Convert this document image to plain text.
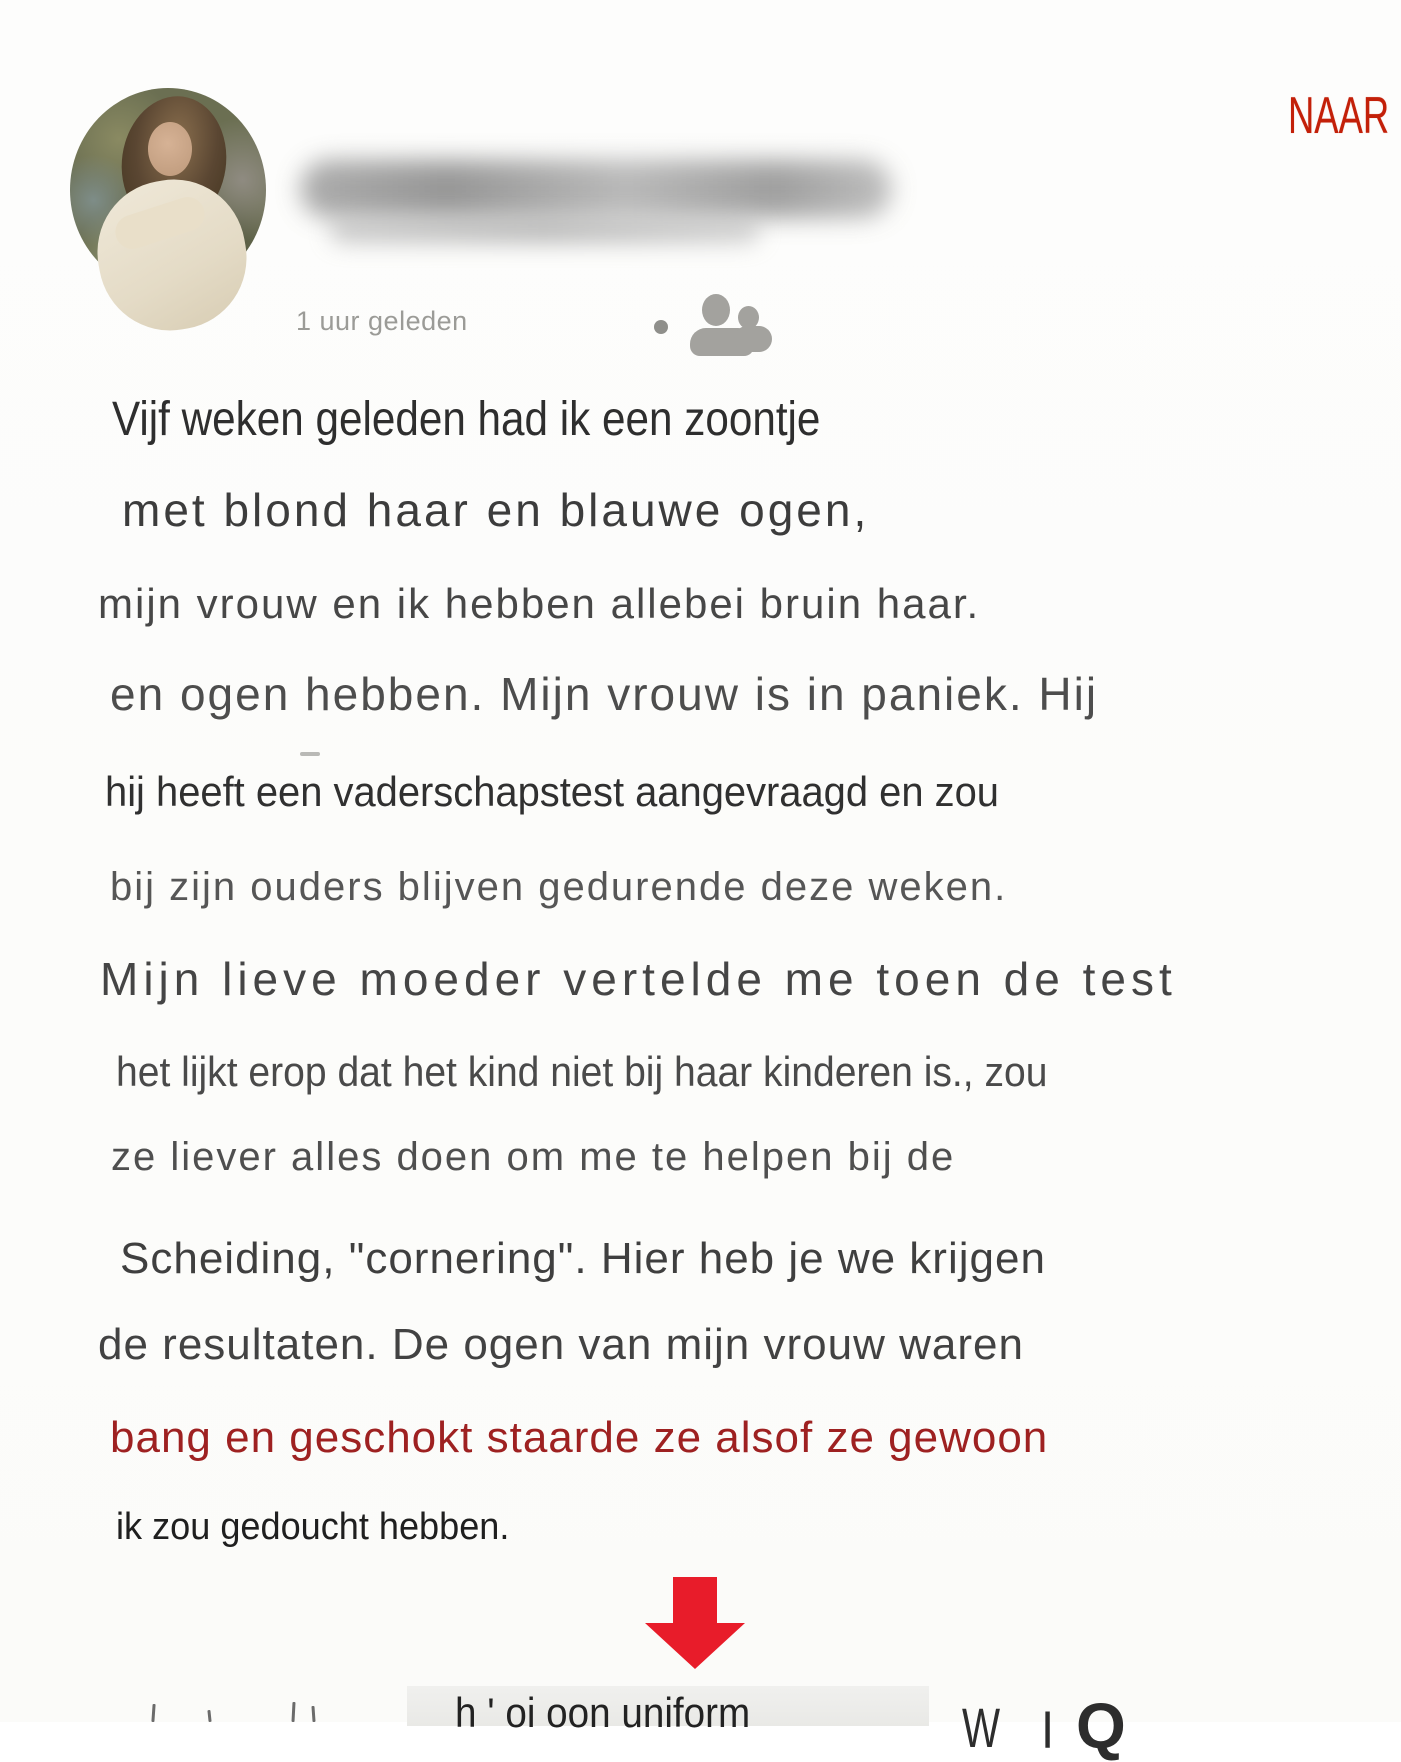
NAAR
1 uur geleden
Vijf weken geleden had ik een zoontje
met blond haar en blauwe ogen,
mijn vrouw en ik hebben allebei bruin haar.
en ogen hebben. Mijn vrouw is in paniek. Hij
hij heeft een vaderschapstest aangevraagd en zou
bij zijn ouders blijven gedurende deze weken.
Mijn lieve moeder vertelde me toen de test
het lijkt erop dat het kind niet bij haar kinderen is., zou
ze liever alles doen om me te helpen bij de
Scheiding, "cornering". Hier heb je we krijgen
de resultaten. De ogen van mijn vrouw waren
bang en geschokt staarde ze alsof ze gewoon
ik zou gedoucht hebben.
h ' oi oon uniform	W l Q
